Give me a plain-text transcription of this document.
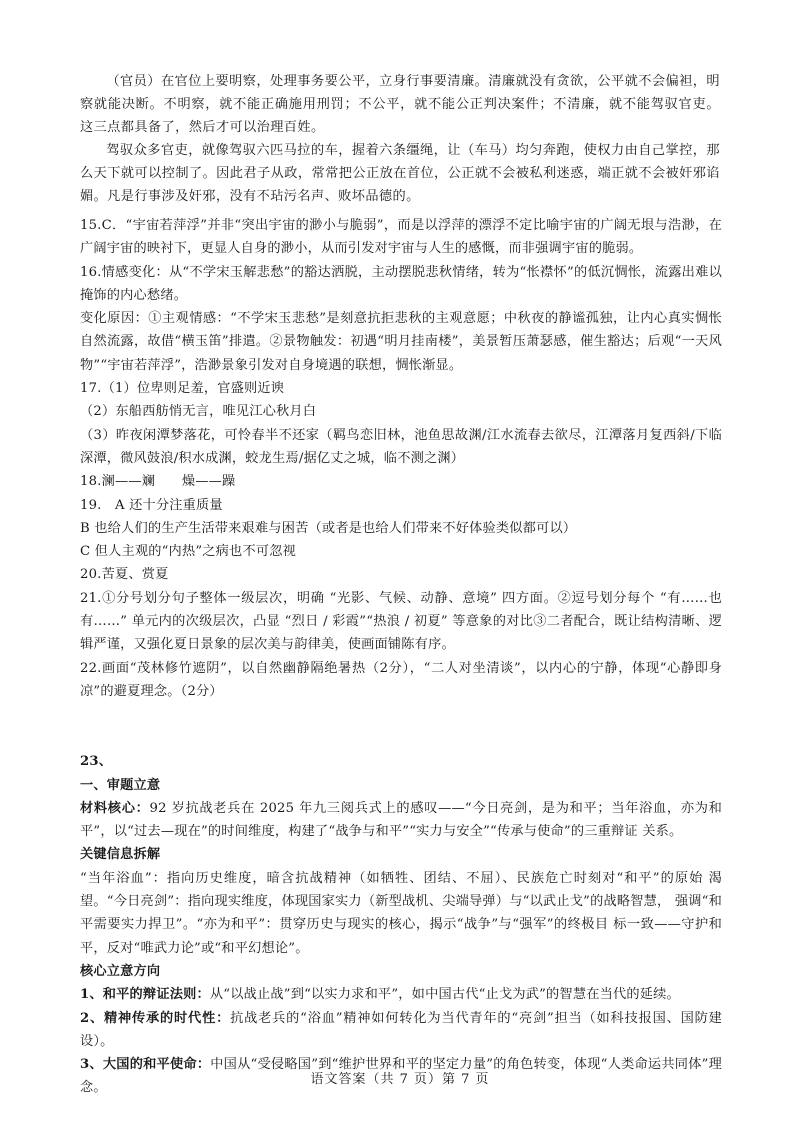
（官员）在官位上要明察，处理事务要公平，立身行事要清廉。清廉就没有贪欲，公平就不会偏袒，明察就能决断。不明察，就不能正确施用刑罚；不公平，就不能公正判决案件；不清廉，就不能驾驭官吏。 这三点都具备了，然后才可以治理百姓。

驾驭众多官吏，就像驾驭六匹马拉的车，握着六条缰绳，让（车马）均匀奔跑，使权力由自己掌控，那么天下就可以控制了。因此君子从政，常常把公正放在首位，公正就不会被私利迷惑，端正就不会被奸邪谄媚。凡是行事涉及奸邪，没有不玷污名声、败坏品德的。

15.C．“宇宙若萍浮”并非“突出宇宙的渺小与脆弱”，而是以浮萍的漂浮不定比喻宇宙的广阔无垠与浩渺，在广阔宇宙的映衬下，更显人自身的渺小，从而引发对宇宙与人生的感慨，而非强调宇宙的脆弱。

16.情感变化：从“不学宋玉解悲愁”的豁达洒脱，主动摆脱悲秋情绪，转为“怅襟怀”的低沉惆怅，流露出难以掩饰的内心愁绪。

变化原因：①主观情感：“不学宋玉悲愁”是刻意抗拒悲秋的主观意愿；中秋夜的静谧孤独，让内心真实惆怅自然流露，故借“横玉笛”排遣。②景物触发：初遇“明月挂南楼”，美景暂压萧瑟感，催生豁达；后观“一天风物”“宇宙若萍浮”，浩渺景象引发对自身境遇的联想，惆怅渐显。

17.（1）位卑则足羞，官盛则近谀

（2）东船西舫悄无言，唯见江心秋月白

（3）昨夜闲潭梦落花，可怜春半不还家（羁鸟恋旧林，池鱼思故渊/江水流春去欲尽，江潭落月复西斜/下临深潭，微风鼓浪/积水成渊，蛟龙生焉/据亿丈之城，临不测之渊）

18.澜——斓　　燥——躁

19.　A 还十分注重质量

B 也给人们的生产生活带来艰难与困苦（或者是也给人们带来不好体验类似都可以）

C 但人主观的“内热”之病也不可忽视

20.苦夏、赏夏

21.①分号划分句子整体一级层次，明确 “光影、气候、动静、意境” 四方面。②逗号划分每个 “有……也有……” 单元内的次级层次，凸显 “烈日 / 彩霞”“热浪 / 初夏” 等意象的对比③二者配合，既让结构清晰、逻辑严谨，又强化夏日景象的层次美与韵律美，使画面铺陈有序。

22.画面“茂林修竹遮阴”，以自然幽静隔绝暑热（2分），“二人对坐清谈”，以内心的宁静，体现“心静即身凉”的避夏理念。（2分）

23、

一、审题立意

材料核心：92 岁抗战老兵在 2025 年九三阅兵式上的感叹——“今日亮剑，是为和平；当年浴血，亦为和 平”，以“过去—现在”的时间维度，构建了“战争与和平”“实力与安全”“传承与使命”的三重辩证 关系。

关键信息拆解

“当年浴血”：指向历史维度，暗含抗战精神（如牺牲、团结、不屈）、民族危亡时刻对“和平”的原始 渴望。“今日亮剑”：指向现实维度，体现国家实力（新型战机、尖端导弹）与“以武止戈”的战略智慧， 强调“和平需要实力捍卫”。“亦为和平”：贯穿历史与现实的核心，揭示“战争”与“强军”的终极目 标一致——守护和平，反对“唯武力论”或“和平幻想论”。

核心立意方向

1、和平的辩证法则：从“以战止战”到“以实力求和平”，如中国古代“止戈为武”的智慧在当代的延续。

2、精神传承的时代性：抗战老兵的“浴血”精神如何转化为当代青年的“亮剑”担当（如科技报国、国防建设）。

3、大国的和平使命：中国从“受侵略国”到“维护世界和平的坚定力量”的角色转变，体现“人类命运共同体”理念。

语文答案（共 7 页）第 7 页
